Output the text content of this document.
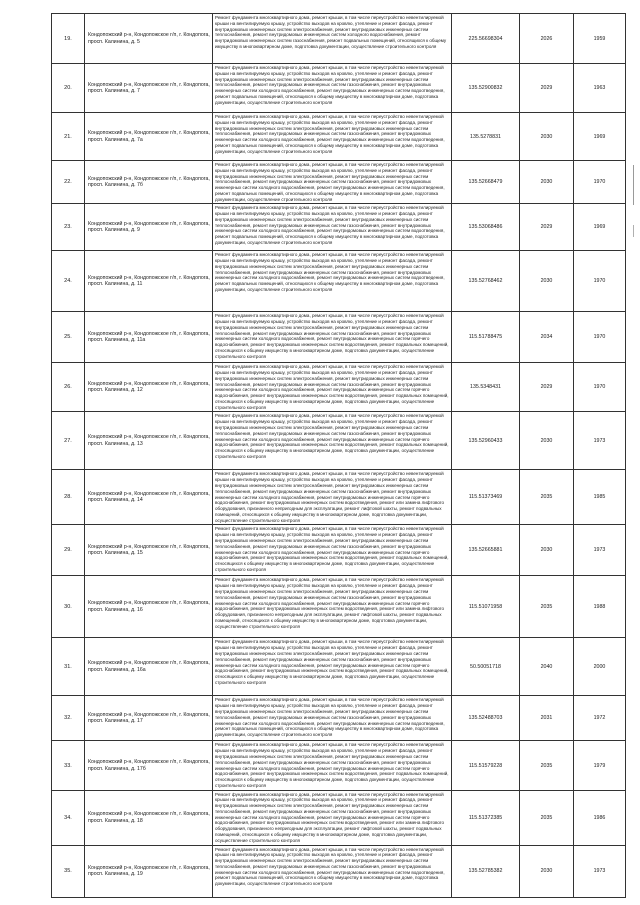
19.	Кондопожский р-н, Кондопожское г/п, г. Кондопога, просп. Калинина, д. 5	Ремонт фундамента многоквартирного дома, ремонт крыши, в том числе переустройство невентилируемой крыши на вентилируемую крышу, устройство выходов на кровлю, утепление и ремонт фасада, ремонт внутридомовых инженерных систем электроснабжения, ремонт внутридомовых инженерных систем теплоснабжения, ремонт внутридомовых инженерных систем холодного водоснабжения, ремонт внутридомовых инженерных систем газоснабжения, ремонт подвальных помещений, относящихся к общему имуществу в многоквартирном доме, подготовка документации, осуществление строительного контроля	225.56698304	2026	1959
20.	Кондопожский р-н, Кондопожское г/п, г. Кондопога, просп. Калинина, д. 7	Ремонт фундамента многоквартирного дома, ремонт крыши, в том числе переустройство невентилируемой крыши на вентилируемую крышу, устройство выходов на кровлю, утепление и ремонт фасада, ремонт внутридомовых инженерных систем электроснабжения, ремонт внутридомовых инженерных систем теплоснабжения, ремонт внутридомовых инженерных систем газоснабжения, ремонт внутридомовых инженерных систем холодного водоснабжения, ремонт внутридомовых инженерных систем водоотведения, ремонт подвальных помещений, относящихся к общему имуществу в многоквартирном доме, подготовка документации, осуществление строительного контроля	135.52900832	2029	1963
21.	Кондопожский р-н, Кондопожское г/п, г. Кондопога, просп. Калинина, д. 7а	Ремонт фундамента многоквартирного дома, ремонт крыши, в том числе переустройство невентилируемой крыши на вентилируемую крышу, устройство выходов на кровлю, утепление и ремонт фасада, ремонт внутридомовых инженерных систем электроснабжения, ремонт внутридомовых инженерных систем теплоснабжения, ремонт внутридомовых инженерных систем газоснабжения, ремонт внутридомовых инженерных систем холодного водоснабжения, ремонт внутридомовых инженерных систем водоотведения, ремонт подвальных помещений, относящихся к общему имуществу в многоквартирном доме, подготовка документации, осуществление строительного контроля	135.5278831	2030	1969
22.	Кондопожский р-н, Кондопожское г/п, г. Кондопога, просп. Калинина, д. 7б	Ремонт фундамента многоквартирного дома, ремонт крыши, в том числе переустройство невентилируемой крыши на вентилируемую крышу, устройство выходов на кровлю, утепление и ремонт фасада, ремонт внутридомовых инженерных систем электроснабжения, ремонт внутридомовых инженерных систем теплоснабжения, ремонт внутридомовых инженерных систем газоснабжения, ремонт внутридомовых инженерных систем холодного водоснабжения, ремонт внутридомовых инженерных систем водоотведения, ремонт подвальных помещений, относящихся к общему имуществу в многоквартирном доме, подготовка документации, осуществление строительного контроля	135.52668479	2030	1970
23.	Кондопожский р-н, Кондопожское г/п, г. Кондопога, просп. Калинина, д. 9	Ремонт фундамента многоквартирного дома, ремонт крыши, в том числе переустройство невентилируемой крыши на вентилируемую крышу, устройство выходов на кровлю, утепление и ремонт фасада, ремонт внутридомовых инженерных систем электроснабжения, ремонт внутридомовых инженерных систем теплоснабжения, ремонт внутридомовых инженерных систем газоснабжения, ремонт внутридомовых инженерных систем холодного водоснабжения, ремонт внутридомовых инженерных систем водоотведения, ремонт подвальных помещений, относящихся к общему имуществу в многоквартирном доме, подготовка документации, осуществление строительного контроля	135.53068486	2029	1969
24.	Кондопожский р-н, Кондопожское г/п, г. Кондопога, просп. Калинина, д. 11	Ремонт фундамента многоквартирного дома, ремонт крыши, в том числе переустройство невентилируемой крыши на вентилируемую крышу, устройство выходов на кровлю, утепление и ремонт фасада, ремонт внутридомовых инженерных систем электроснабжения, ремонт внутридомовых инженерных систем теплоснабжения, ремонт внутридомовых инженерных систем газоснабжения, ремонт внутридомовых инженерных систем холодного водоснабжения, ремонт внутридомовых инженерных систем водоотведения, ремонт подвальных помещений, относящихся к общему имуществу в многоквартирном доме, подготовка документации, осуществление строительного контроля	135.52768462	2030	1970
25.	Кондопожский р-н, Кондопожское г/п, г. Кондопога, просп. Калинина, д. 11а	Ремонт фундамента многоквартирного дома, ремонт крыши, в том числе переустройство невентилируемой крыши на вентилируемую крышу, устройство выходов на кровлю, утепление и ремонт фасада, ремонт внутридомовых инженерных систем электроснабжения, ремонт внутридомовых инженерных систем теплоснабжения, ремонт внутридомовых инженерных систем газоснабжения, ремонт внутридомовых инженерных систем холодного водоснабжения, ремонт внутридомовых инженерных систем горячего водоснабжения, ремонт внутридомовых инженерных систем водоотведения, ремонт подвальных помещений, относящихся к общему имуществу в многоквартирном доме, подготовка документации, осуществление строительного контроля	115.51788475	2034	1970
26.	Кондопожский р-н, Кондопожское г/п, г. Кондопога, просп. Калинина, д. 12	Ремонт фундамента многоквартирного дома, ремонт крыши, в том числе переустройство невентилируемой крыши на вентилируемую крышу, устройство выходов на кровлю, утепление и ремонт фасада, ремонт внутридомовых инженерных систем электроснабжения, ремонт внутридомовых инженерных систем теплоснабжения, ремонт внутридомовых инженерных систем газоснабжения, ремонт внутридомовых инженерных систем холодного водоснабжения, ремонт внутридомовых инженерных систем горячего водоснабжения, ремонт внутридомовых инженерных систем водоотведения, ремонт подвальных помещений, относящихся к общему имуществу в многоквартирном доме, подготовка документации, осуществление строительного контроля	135.5348431	2029	1970
27.	Кондопожский р-н, Кондопожское г/п, г. Кондопога, просп. Калинина, д. 13	Ремонт фундамента многоквартирного дома, ремонт крыши, в том числе переустройство невентилируемой крыши на вентилируемую крышу, устройство выходов на кровлю, утепление и ремонт фасада, ремонт внутридомовых инженерных систем электроснабжения, ремонт внутридомовых инженерных систем теплоснабжения, ремонт внутридомовых инженерных систем газоснабжения, ремонт внутридомовых инженерных систем холодного водоснабжения, ремонт внутридомовых инженерных систем горячего водоснабжения, ремонт внутридомовых инженерных систем водоотведения, ремонт подвальных помещений, относящихся к общему имуществу в многоквартирном доме, подготовка документации, осуществление строительного контроля	135.52960433	2030	1973
28.	Кондопожский р-н, Кондопожское г/п, г. Кондопога, просп. Калинина, д. 14	Ремонт фундамента многоквартирного дома, ремонт крыши, в том числе переустройство невентилируемой крыши на вентилируемую крышу, устройство выходов на кровлю, утепление и ремонт фасада, ремонт внутридомовых инженерных систем электроснабжения, ремонт внутридомовых инженерных систем теплоснабжения, ремонт внутридомовых инженерных систем газоснабжения, ремонт внутридомовых инженерных систем холодного водоснабжения, ремонт внутридомовых инженерных систем горячего водоснабжения, ремонт внутридомовых инженерных систем водоотведения, ремонт или замена лифтового оборудования, признанного непригодным для эксплуатации, ремонт лифтовой шахты, ремонт подвальных помещений, относящихся к общему имуществу в многоквартирном доме, подготовка документации, осуществление строительного контроля	115.51373469	2035	1985
29.	Кондопожский р-н, Кондопожское г/п, г. Кондопога, просп. Калинина, д. 15	Ремонт фундамента многоквартирного дома, ремонт крыши, в том числе переустройство невентилируемой крыши на вентилируемую крышу, устройство выходов на кровлю, утепление и ремонт фасада, ремонт внутридомовых инженерных систем электроснабжения, ремонт внутридомовых инженерных систем теплоснабжения, ремонт внутридомовых инженерных систем газоснабжения, ремонт внутридомовых инженерных систем холодного водоснабжения, ремонт внутридомовых инженерных систем горячего водоснабжения, ремонт внутридомовых инженерных систем водоотведения, ремонт подвальных помещений, относящихся к общему имуществу в многоквартирном доме, подготовка документации, осуществление строительного контроля	135.52665881	2030	1973
30.	Кондопожский р-н, Кондопожское г/п, г. Кондопога, просп. Калинина, д. 16	Ремонт фундамента многоквартирного дома, ремонт крыши, в том числе переустройство невентилируемой крыши на вентилируемую крышу, устройство выходов на кровлю, утепление и ремонт фасада, ремонт внутридомовых инженерных систем электроснабжения, ремонт внутридомовых инженерных систем теплоснабжения, ремонт внутридомовых инженерных систем газоснабжения, ремонт внутридомовых инженерных систем холодного водоснабжения, ремонт внутридомовых инженерных систем горячего водоснабжения, ремонт внутридомовых инженерных систем водоотведения, ремонт или замена лифтового оборудования, признанного непригодным для эксплуатации, ремонт лифтовой шахты, ремонт подвальных помещений, относящихся к общему имуществу в многоквартирном доме, подготовка документации, осуществление строительного контроля	115.51071958	2035	1988
31.	Кондопожский р-н, Кондопожское г/п, г. Кондопога, просп. Калинина, д. 16а	Ремонт фундамента многоквартирного дома, ремонт крыши, в том числе переустройство невентилируемой крыши на вентилируемую крышу, устройство выходов на кровлю, утепление и ремонт фасада, ремонт внутридомовых инженерных систем электроснабжения, ремонт внутридомовых инженерных систем теплоснабжения, ремонт внутридомовых инженерных систем газоснабжения, ремонт внутридомовых инженерных систем холодного водоснабжения, ремонт внутридомовых инженерных систем горячего водоснабжения, ремонт внутридомовых инженерных систем водоотведения, ремонт подвальных помещений, относящихся к общему имуществу в многоквартирном доме, подготовка документации, осуществление строительного контроля	50.50051718	2040	2000
32.	Кондопожский р-н, Кондопожское г/п, г. Кондопога, просп. Калинина, д. 17	Ремонт фундамента многоквартирного дома, ремонт крыши, в том числе переустройство невентилируемой крыши на вентилируемую крышу, устройство выходов на кровлю, утепление и ремонт фасада, ремонт внутридомовых инженерных систем электроснабжения, ремонт внутридомовых инженерных систем теплоснабжения, ремонт внутридомовых инженерных систем газоснабжения, ремонт внутридомовых инженерных систем холодного водоснабжения, ремонт внутридомовых инженерных систем водоотведения, ремонт подвальных помещений, относящихся к общему имуществу в многоквартирном доме, подготовка документации, осуществление строительного контроля	135.52488703	2031	1972
33.	Кондопожский р-н, Кондопожское г/п, г. Кондопога, просп. Калинина, д. 17б	Ремонт фундамента многоквартирного дома, ремонт крыши, в том числе переустройство невентилируемой крыши на вентилируемую крышу, устройство выходов на кровлю, утепление и ремонт фасада, ремонт внутридомовых инженерных систем электроснабжения, ремонт внутридомовых инженерных систем теплоснабжения, ремонт внутридомовых инженерных систем газоснабжения, ремонт внутридомовых инженерных систем холодного водоснабжения, ремонт внутридомовых инженерных систем горячего водоснабжения, ремонт внутридомовых инженерных систем водоотведения, ремонт подвальных помещений, относящихся к общему имуществу в многоквартирном доме, подготовка документации, осуществление строительного контроля	115.51579228	2035	1979
34.	Кондопожский р-н, Кондопожское г/п, г. Кондопога, просп. Калинина, д. 18	Ремонт фундамента многоквартирного дома, ремонт крыши, в том числе переустройство невентилируемой крыши на вентилируемую крышу, устройство выходов на кровлю, утепление и ремонт фасада, ремонт внутридомовых инженерных систем электроснабжения, ремонт внутридомовых инженерных систем теплоснабжения, ремонт внутридомовых инженерных систем газоснабжения, ремонт внутридомовых инженерных систем холодного водоснабжения, ремонт внутридомовых инженерных систем горячего водоснабжения, ремонт внутридомовых инженерных систем водоотведения, ремонт или замена лифтового оборудования, признанного непригодным для эксплуатации, ремонт лифтовой шахты, ремонт подвальных помещений, относящихся к общему имуществу в многоквартирном доме, подготовка документации, осуществление строительного контроля	115.51372385	2035	1986
35.	Кондопожский р-н, Кондопожское г/п, г. Кондопога, просп. Калинина, д. 19	Ремонт фундамента многоквартирного дома, ремонт крыши, в том числе переустройство невентилируемой крыши на вентилируемую крышу, устройство выходов на кровлю, утепление и ремонт фасада, ремонт внутридомовых инженерных систем электроснабжения, ремонт внутридомовых инженерных систем теплоснабжения, ремонт внутридомовых инженерных систем газоснабжения, ремонт внутридомовых инженерных систем холодного водоснабжения, ремонт внутридомовых инженерных систем водоотведения, ремонт подвальных помещений, относящихся к общему имуществу в многоквартирном доме, подготовка документации, осуществление строительного контроля	135.52785382	2030	1973
